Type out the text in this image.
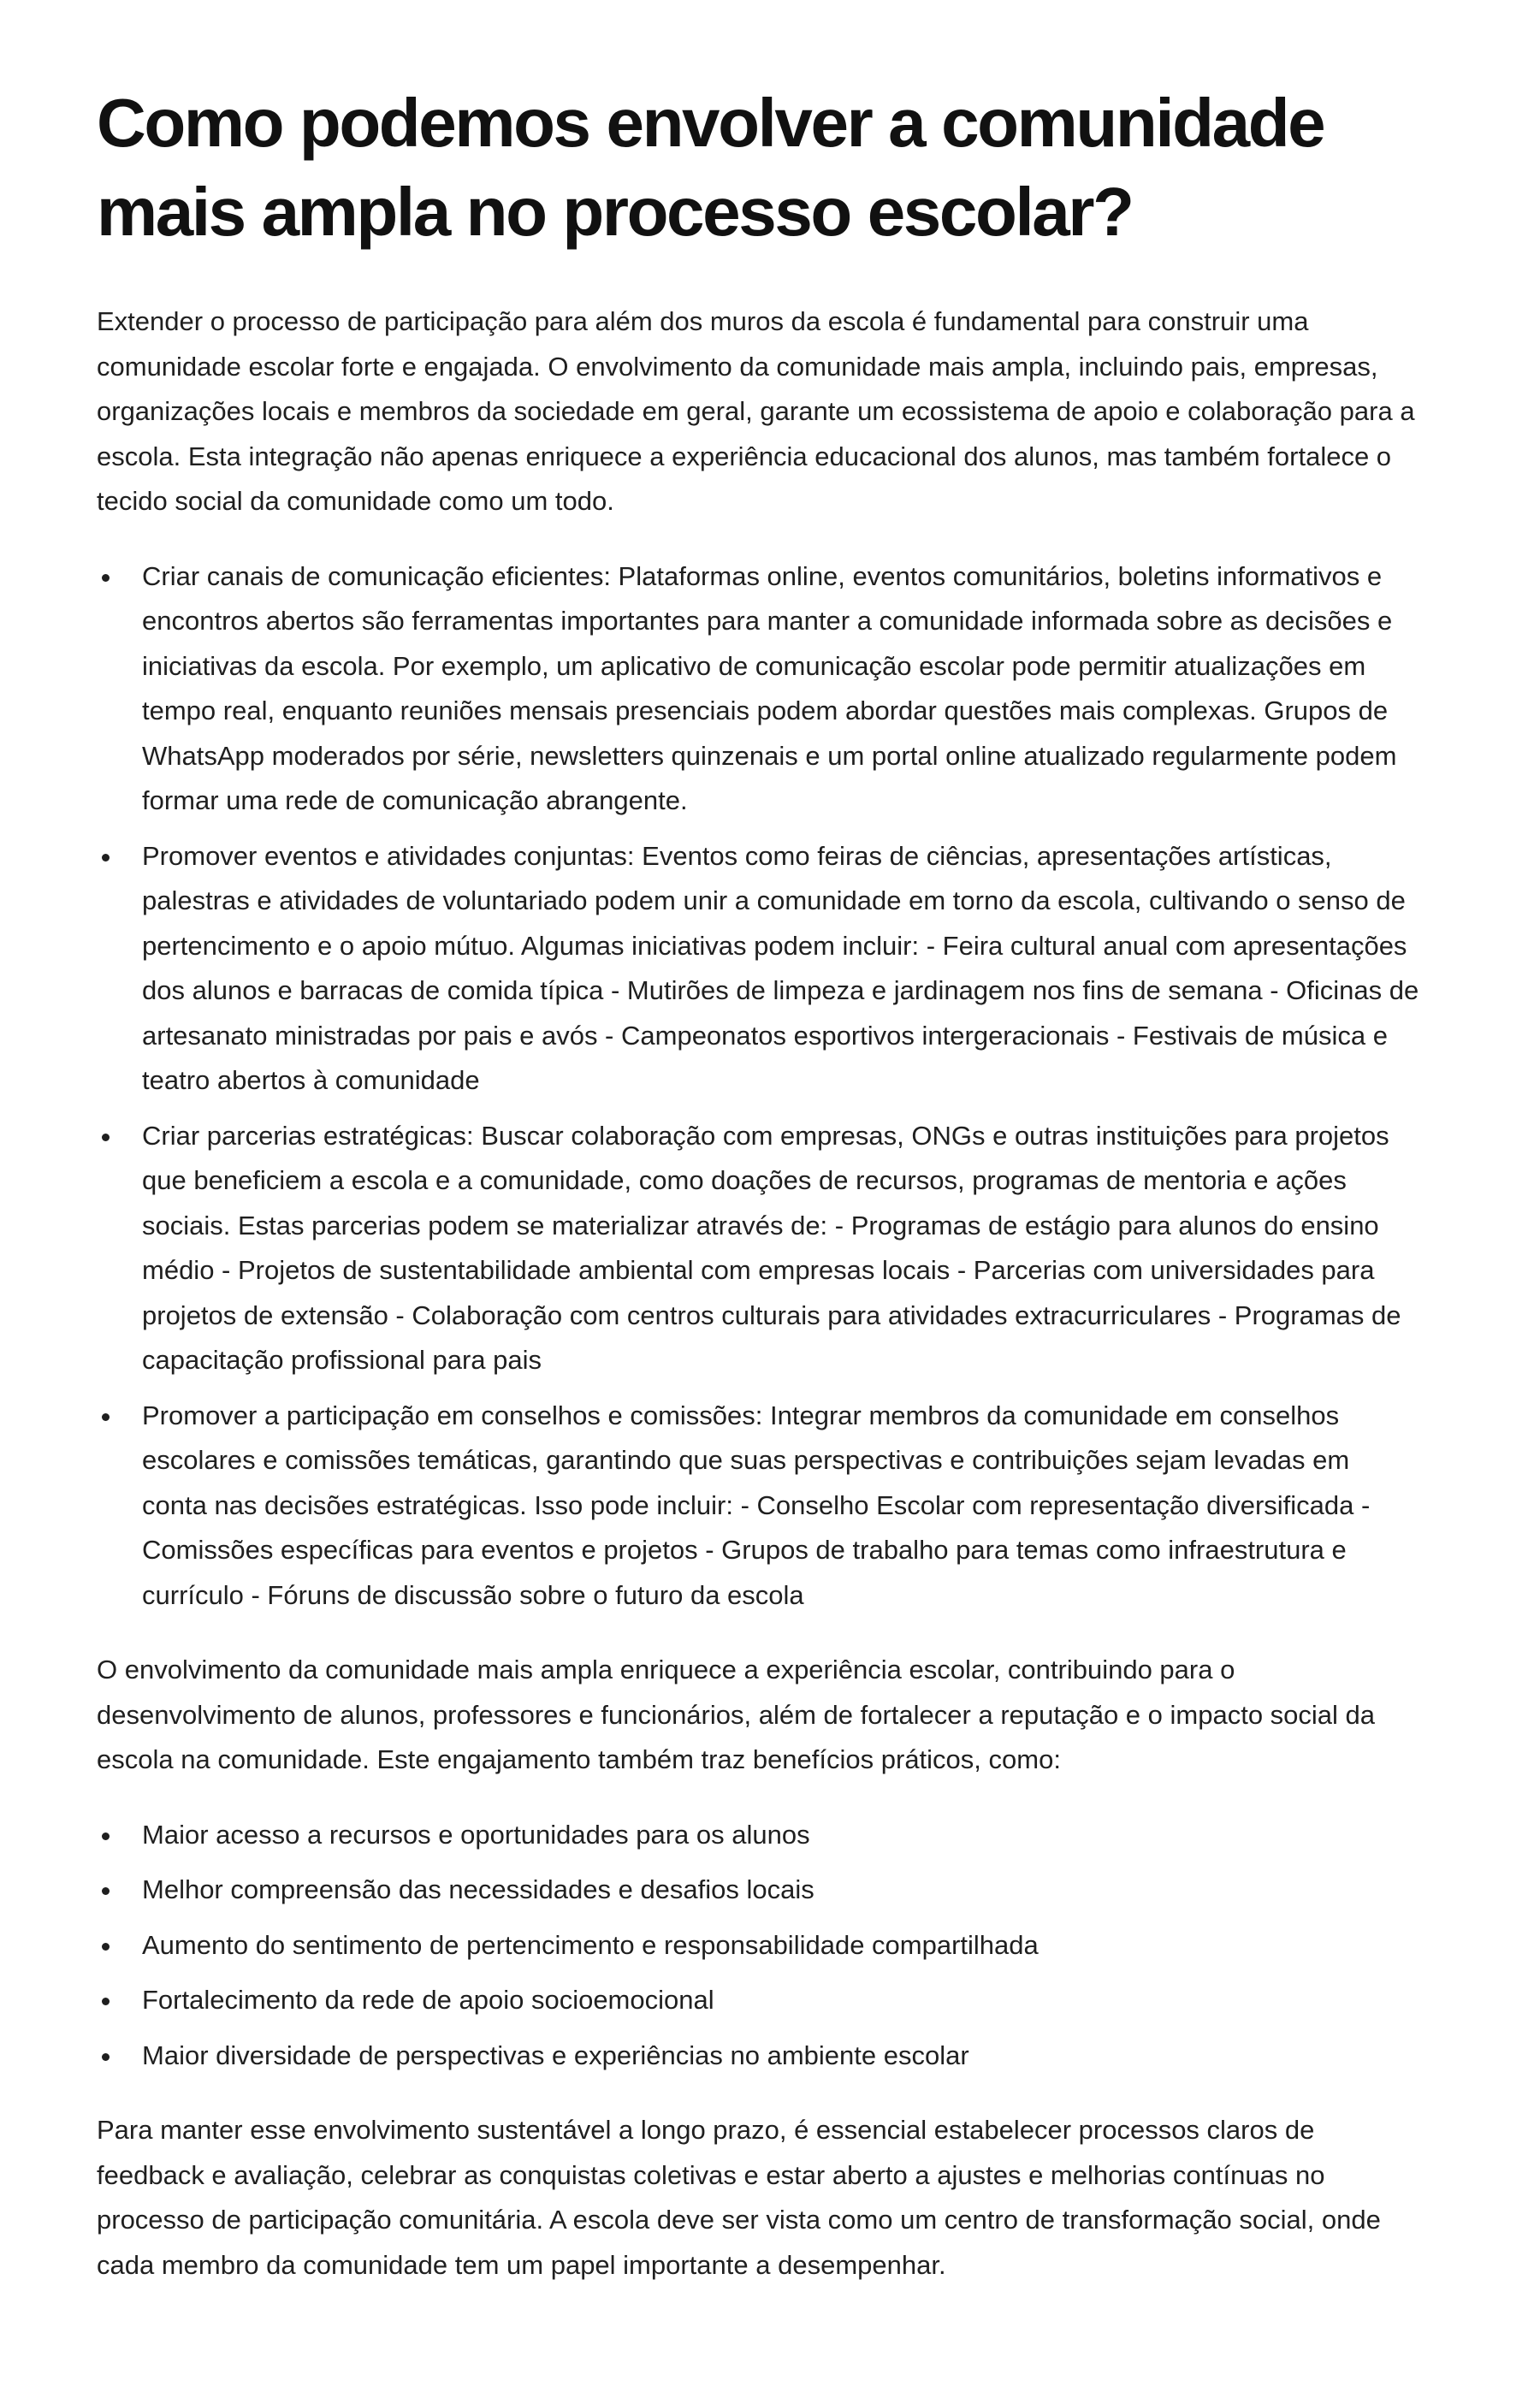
Como podemos envolver a comunidade mais ampla no processo escolar?

Extender o processo de participação para além dos muros da escola é fundamental para construir uma comunidade escolar forte e engajada. O envolvimento da comunidade mais ampla, incluindo pais, empresas, organizações locais e membros da sociedade em geral, garante um ecossistema de apoio e colaboração para a escola. Esta integração não apenas enriquece a experiência educacional dos alunos, mas também fortalece o tecido social da comunidade como um todo.

Criar canais de comunicação eficientes: Plataformas online, eventos comunitários, boletins informativos e encontros abertos são ferramentas importantes para manter a comunidade informada sobre as decisões e iniciativas da escola. Por exemplo, um aplicativo de comunicação escolar pode permitir atualizações em tempo real, enquanto reuniões mensais presenciais podem abordar questões mais complexas. Grupos de WhatsApp moderados por série, newsletters quinzenais e um portal online atualizado regularmente podem formar uma rede de comunicação abrangente.
Promover eventos e atividades conjuntas: Eventos como feiras de ciências, apresentações artísticas, palestras e atividades de voluntariado podem unir a comunidade em torno da escola, cultivando o senso de pertencimento e o apoio mútuo. Algumas iniciativas podem incluir: - Feira cultural anual com apresentações dos alunos e barracas de comida típica - Mutirões de limpeza e jardinagem nos fins de semana - Oficinas de artesanato ministradas por pais e avós - Campeonatos esportivos intergeracionais - Festivais de música e teatro abertos à comunidade
Criar parcerias estratégicas: Buscar colaboração com empresas, ONGs e outras instituições para projetos que beneficiem a escola e a comunidade, como doações de recursos, programas de mentoria e ações sociais. Estas parcerias podem se materializar através de: - Programas de estágio para alunos do ensino médio - Projetos de sustentabilidade ambiental com empresas locais - Parcerias com universidades para projetos de extensão - Colaboração com centros culturais para atividades extracurriculares - Programas de capacitação profissional para pais
Promover a participação em conselhos e comissões: Integrar membros da comunidade em conselhos escolares e comissões temáticas, garantindo que suas perspectivas e contribuições sejam levadas em conta nas decisões estratégicas. Isso pode incluir: - Conselho Escolar com representação diversificada - Comissões específicas para eventos e projetos - Grupos de trabalho para temas como infraestrutura e currículo - Fóruns de discussão sobre o futuro da escola

O envolvimento da comunidade mais ampla enriquece a experiência escolar, contribuindo para o desenvolvimento de alunos, professores e funcionários, além de fortalecer a reputação e o impacto social da escola na comunidade. Este engajamento também traz benefícios práticos, como:

Maior acesso a recursos e oportunidades para os alunos
Melhor compreensão das necessidades e desafios locais
Aumento do sentimento de pertencimento e responsabilidade compartilhada
Fortalecimento da rede de apoio socioemocional
Maior diversidade de perspectivas e experiências no ambiente escolar

Para manter esse envolvimento sustentável a longo prazo, é essencial estabelecer processos claros de feedback e avaliação, celebrar as conquistas coletivas e estar aberto a ajustes e melhorias contínuas no processo de participação comunitária. A escola deve ser vista como um centro de transformação social, onde cada membro da comunidade tem um papel importante a desempenhar.
